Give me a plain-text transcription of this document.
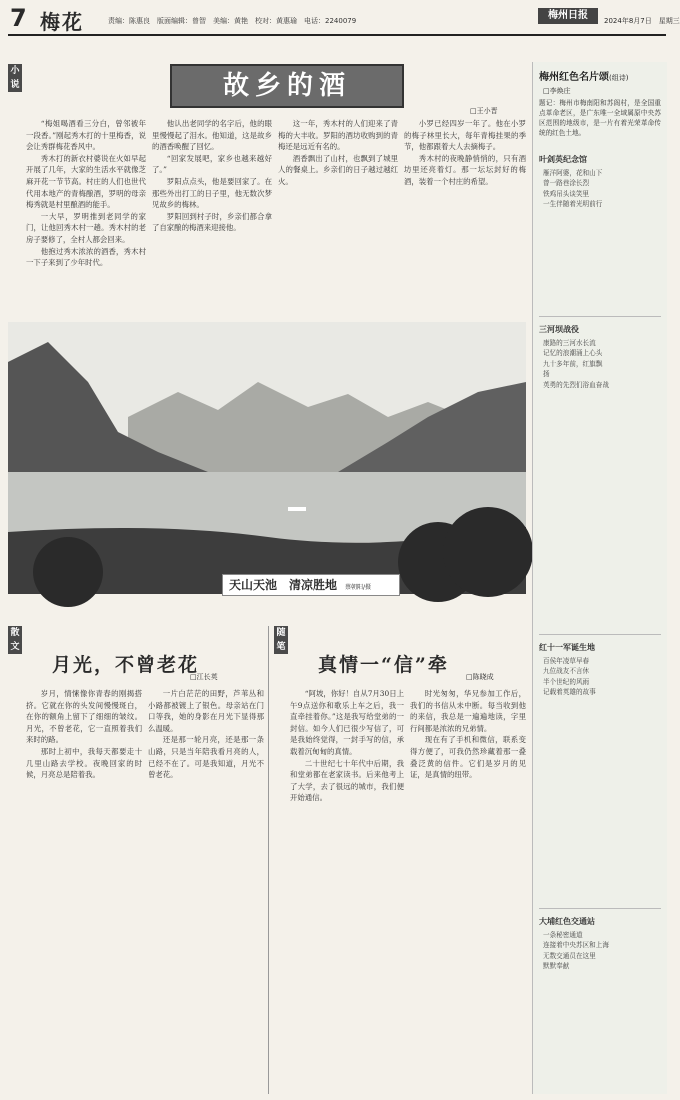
7 梅花	责编：陈惠良　版面编辑：曾智　美编：黄艳　校对：黄惠瑜　电话：2240079	梅州日报	2024年8月7日　星期三
小说	故乡的酒
□王小晋

“梅姐喝酒看三分白，曾邻被年一段香。”刚起秀木打的十里梅香，说会让秀群梅花香风中。

秀木打的新衣村婆说在火如早起开展了几年，大家的生活水平就像芝麻开花一节节高。村庄的人们也世代代用本地产的青梅酿酒，罗明的母亲梅秀就是村里酿酒的能手。

一大早，罗明推到老同学的家门，让他回秀木村一趟。秀木村的老房子要修了，全村人都会回来。

他抱过秀木浓浓的酒香，秀木村一下子来到了少年时代。

他认出老同学的名字后，他的眼里慢慢起了泪水。他知道，这是故乡的酒香唤醒了回忆。

“回家发展吧，家乡也越来越好了。”

罗阳点点头，他是要回家了。在那些外出打工的日子里，他无数次梦见故乡的梅林。

罗阳回到村子时，乡亲们都合拿了自家酿的梅酒来迎接他。

这一年，秀木村的人们迎来了青梅的大丰收。罗阳的酒坊收购到的青梅还是远近有名的。

酒香飘出了山村，也飘到了城里人的餐桌上。乡亲们的日子越过越红火。

小罗已经四岁一年了。他在小罗的梅子林里长大，每年青梅挂果的季节，他都跟着大人去摘梅子。

秀木村的夜晚静悄悄的，只有酒坊里还亮着灯。那一坛坛封好的梅酒，装着一个村庄的希望。

天山天池　清凉胜地 蔡朝阳/摄
散文
月光，不曾老花
□江长英

岁月，情愫像你青春的刚揭搭挤。它就在你的头发间慢慢斑白，在你的额角上留下了细细的皱纹。月光，不曾老花，它一直照着我们来时的路。

那时上初中，我每天都要走十几里山路去学校。夜晚回家的时候，月亮总是陪着我。

一片白茫茫的田野，芦苇丛和小路都被镀上了银色。母亲站在门口等我，她的身影在月光下显得那么温暖。

还是那一轮月亮，还是那一条山路，只是当年陪我看月亮的人，已经不在了。可是我知道，月光不曾老花。

随笔
真情一“信”牵
□陈晓成

“阿坡，你好！自从7月30日上午9点送你和歌乐上车之后，我一直牵挂着你。”这是我写给堂弟的一封信。如今人们已很少写信了，可是我始终觉得，一封手写的信，承载着沉甸甸的真情。

二十世纪七十年代中后期，我和堂弟都在老家读书。后来他考上了大学，去了很远的城市，我们便开始通信。

时光匆匆，华兄参加工作后，我们的书信从未中断。每当收到他的来信，我总是一遍遍地读，字里行间都是浓浓的兄弟情。

现在有了手机和微信，联系变得方便了，可我仍然珍藏着那一叠叠泛黄的信件。它们是岁月的见证，是真情的纽带。

梅州红色名片颂(组诗)
□李焕庄
题记：梅州市梅南阳和苏阁村，是全国重点革命老区，是广东唯一全域属原中央苏区范围的地级市，是一片有着光荣革命传统的红色土地。
叶剑英纪念馆
雁洋阿婆，花和山下
曾一路巷涂长烈
铁鸡吊头谈笑里
一生伴随着光明前行
三河坝战役
康路的三河水长流
记忆的浪潮涌上心头
九十多年前，红旗飘
扬
英勇的先烈们浴血奋战
红十一军诞生地
百侯年凌草早春
九位战友不言休
半个世纪的风雨
记载着英雄的故事
大埔红色交通站
一条秘密通道
连接着中央苏区和上海
无数交通员在这里
默默奉献
